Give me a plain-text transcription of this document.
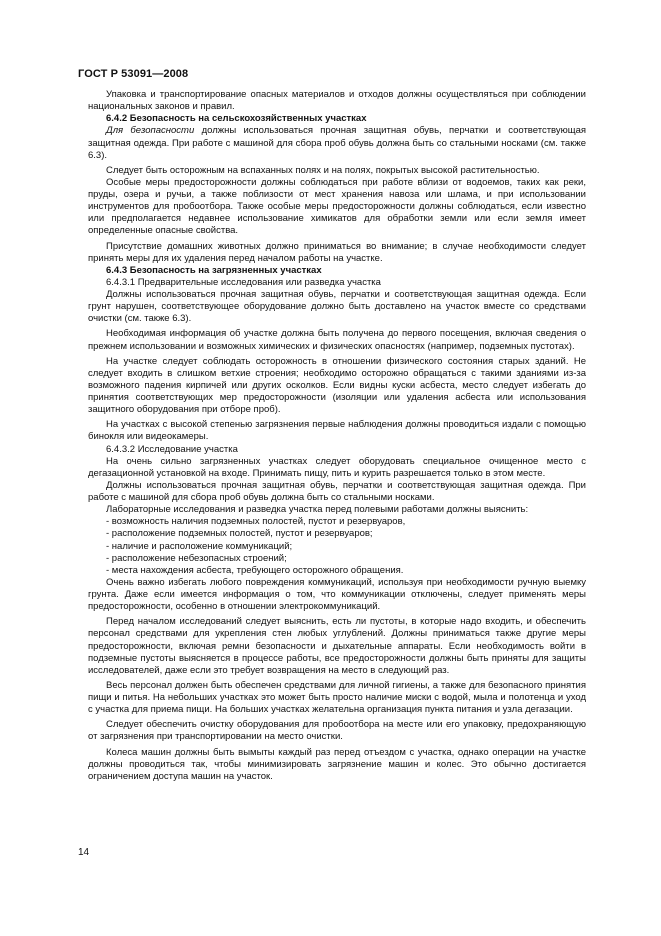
ГОСТ Р 53091—2008

Упаковка и транспортирование опасных материалов и отходов должны осуществляться при соблюдении национальных законов и правил.

6.4.2 Безопасность на сельскохозяйственных участках

Для безопасности должны использоваться прочная защитная обувь, перчатки и соответствующая защитная одежда. При работе с машиной для сбора проб обувь должна быть со стальными носками (см. также 6.3).

Следует быть осторожным на вспаханных полях и на полях, покрытых высокой растительностью.

Особые меры предосторожности должны соблюдаться при работе вблизи от водоемов, таких как реки, пруды, озера и ручьи, а также поблизости от мест хранения навоза или шлама, и при использовании инструментов для пробоотбора. Также особые меры предосторожности должны соблюдаться, если известно или предполагается недавнее использование химикатов для обработки земли или если земля имеет определенные опасные свойства.

Присутствие домашних животных должно приниматься во внимание; в случае необходимости следует принять меры для их удаления перед началом работы на участке.

6.4.3 Безопасность на загрязненных участках

6.4.3.1 Предварительные исследования или разведка участка

Должны использоваться прочная защитная обувь, перчатки и соответствующая защитная одежда. Если грунт нарушен, соответствующее оборудование должно быть доставлено на участок вместе со средствами очистки (см. также 6.3).

Необходимая информация об участке должна быть получена до первого посещения, включая сведения о прежнем использовании и возможных химических и физических опасностях (например, подземных пустотах).

На участке следует соблюдать осторожность в отношении физического состояния старых зданий. Не следует входить в слишком ветхие строения; необходимо осторожно обращаться с такими зданиями из-за возможного падения кирпичей или других осколков. Если видны куски асбеста, место следует избегать до принятия соответствующих мер предосторожности (изоляции или удаления асбеста или использования защитного оборудования при отборе проб).

На участках с высокой степенью загрязнения первые наблюдения должны проводиться издали с помощью бинокля или видеокамеры.

6.4.3.2 Исследование участка

На очень сильно загрязненных участках следует оборудовать специальное очищенное место с дегазационной установкой на входе. Принимать пищу, пить и курить разрешается только в этом месте.

Должны использоваться прочная защитная обувь, перчатки и соответствующая защитная одежда. При работе с машиной для сбора проб обувь должна быть со стальными носками.

Лабораторные исследования и разведка участка перед полевыми работами должны выяснить:

- возможность наличия подземных полостей, пустот и резервуаров,

- расположение подземных полостей, пустот и резервуаров;

- наличие и расположение коммуникаций;

- расположение небезопасных строений;

- места нахождения асбеста, требующего осторожного обращения.

Очень важно избегать любого повреждения коммуникаций, используя при необходимости ручную выемку грунта. Даже если имеется информация о том, что коммуникации отключены, следует применять меры предосторожности, особенно в отношении электрокоммуникаций.

Перед началом исследований следует выяснить, есть ли пустоты, в которые надо входить, и обеспечить персонал средствами для укрепления стен любых углублений. Должны приниматься также другие меры предосторожности, включая ремни безопасности и дыхательные аппараты. Если необходимость войти в подземные пустоты выясняется в процессе работы, все предосторожности должны быть приняты для защиты исследователей, даже если это требует возвращения на место в следующий раз.

Весь персонал должен быть обеспечен средствами для личной гигиены, а также для безопасного принятия пищи и питья. На небольших участках это может быть просто наличие миски с водой, мыла и полотенца и уход с участка для приема пищи. На больших участках желательна организация пункта питания и узла дегазации.

Следует обеспечить очистку оборудования для пробоотбора на месте или его упаковку, предохраняющую от загрязнения при транспортировании на место очистки.

Колеса машин должны быть вымыты каждый раз перед отъездом с участка, однако операции на участке должны проводиться так, чтобы минимизировать загрязнение машин и колес. Это обычно достигается ограничением доступа машин на участок.

14
